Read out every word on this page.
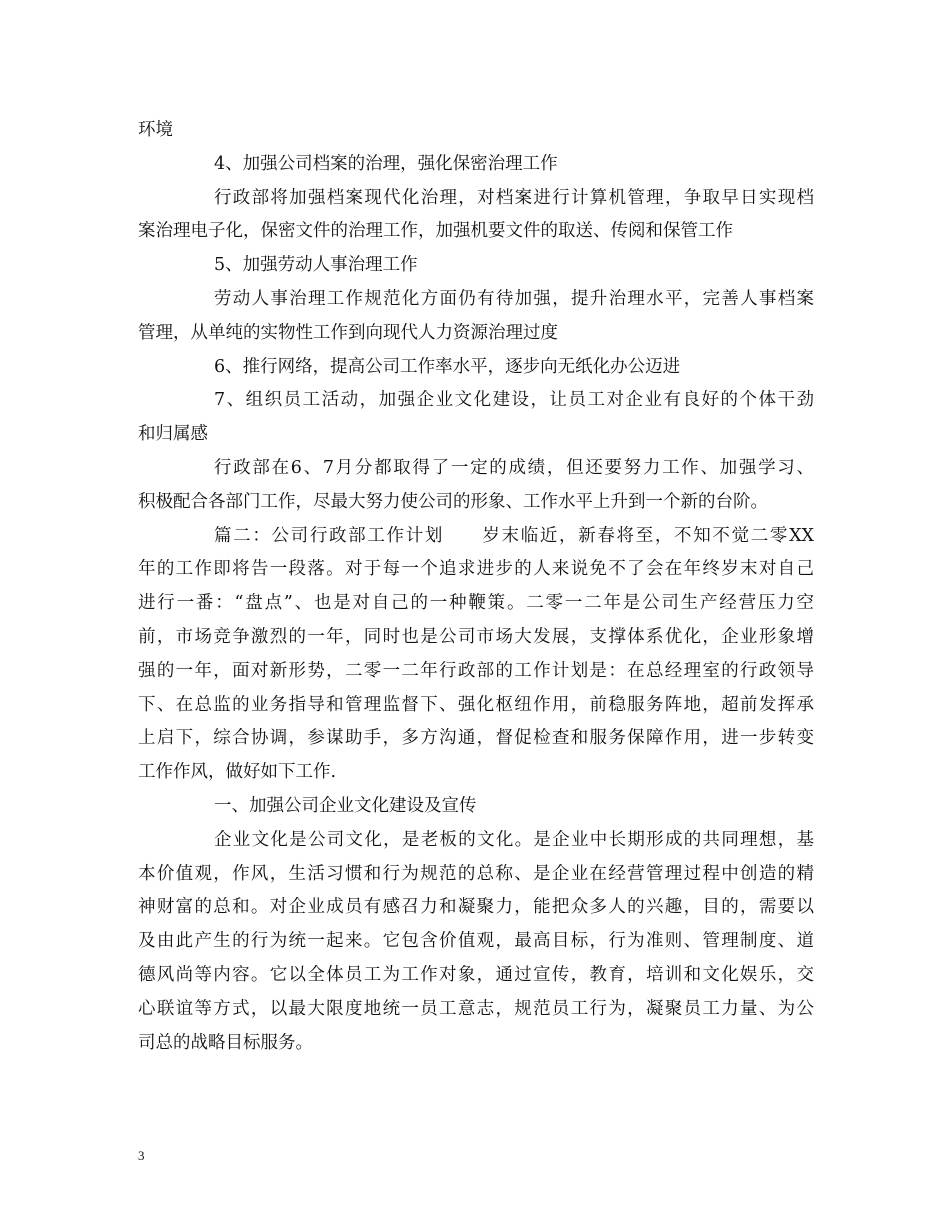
环境
4、加强公司档案的治理，强化保密治理工作
行政部将加强档案现代化治理，对档案进行计算机管理，争取早日实现档
案治理电子化，保密文件的治理工作，加强机要文件的取送、传阅和保管工作
5、加强劳动人事治理工作
劳动人事治理工作规范化方面仍有待加强，提升治理水平，完善人事档案
管理，从单纯的实物性工作到向现代人力资源治理过度
6、推行网络，提高公司工作率水平，逐步向无纸化办公迈进
7、组织员工活动，加强企业文化建设，让员工对企业有良好的个体干劲
和归属感
行政部在6、7月分都取得了一定的成绩，但还要努力工作、加强学习、
积极配合各部门工作，尽最大努力使公司的形象、工作水平上升到一个新的台阶。
篇二：公司行政部工作计划　　岁末临近，新春将至，不知不觉二零XX
年的工作即将告一段落。对于每一个追求进步的人来说免不了会在年终岁末对自己
进行一番：“盘点”、也是对自己的一种鞭策。二零一二年是公司生产经营压力空
前，市场竞争激烈的一年，同时也是公司市场大发展，支撑体系优化，企业形象增
强的一年，面对新形势，二零一二年行政部的工作计划是：在总经理室的行政领导
下、在总监的业务指导和管理监督下、强化枢纽作用，前稳服务阵地，超前发挥承
上启下，综合协调，参谋助手，多方沟通，督促检查和服务保障作用，进一步转变
工作作风，做好如下工作.
一、加强公司企业文化建设及宣传
企业文化是公司文化，是老板的文化。是企业中长期形成的共同理想，基
本价值观，作风，生活习惯和行为规范的总称、是企业在经营管理过程中创造的精
神财富的总和。对企业成员有感召力和凝聚力，能把众多人的兴趣，目的，需要以
及由此产生的行为统一起来。它包含价值观，最高目标，行为准则、管理制度、道
德风尚等内容。它以全体员工为工作对象，通过宣传，教育，培训和文化娱乐，交
心联谊等方式，以最大限度地统一员工意志，规范员工行为，凝聚员工力量、为公
司总的战略目标服务。
3
